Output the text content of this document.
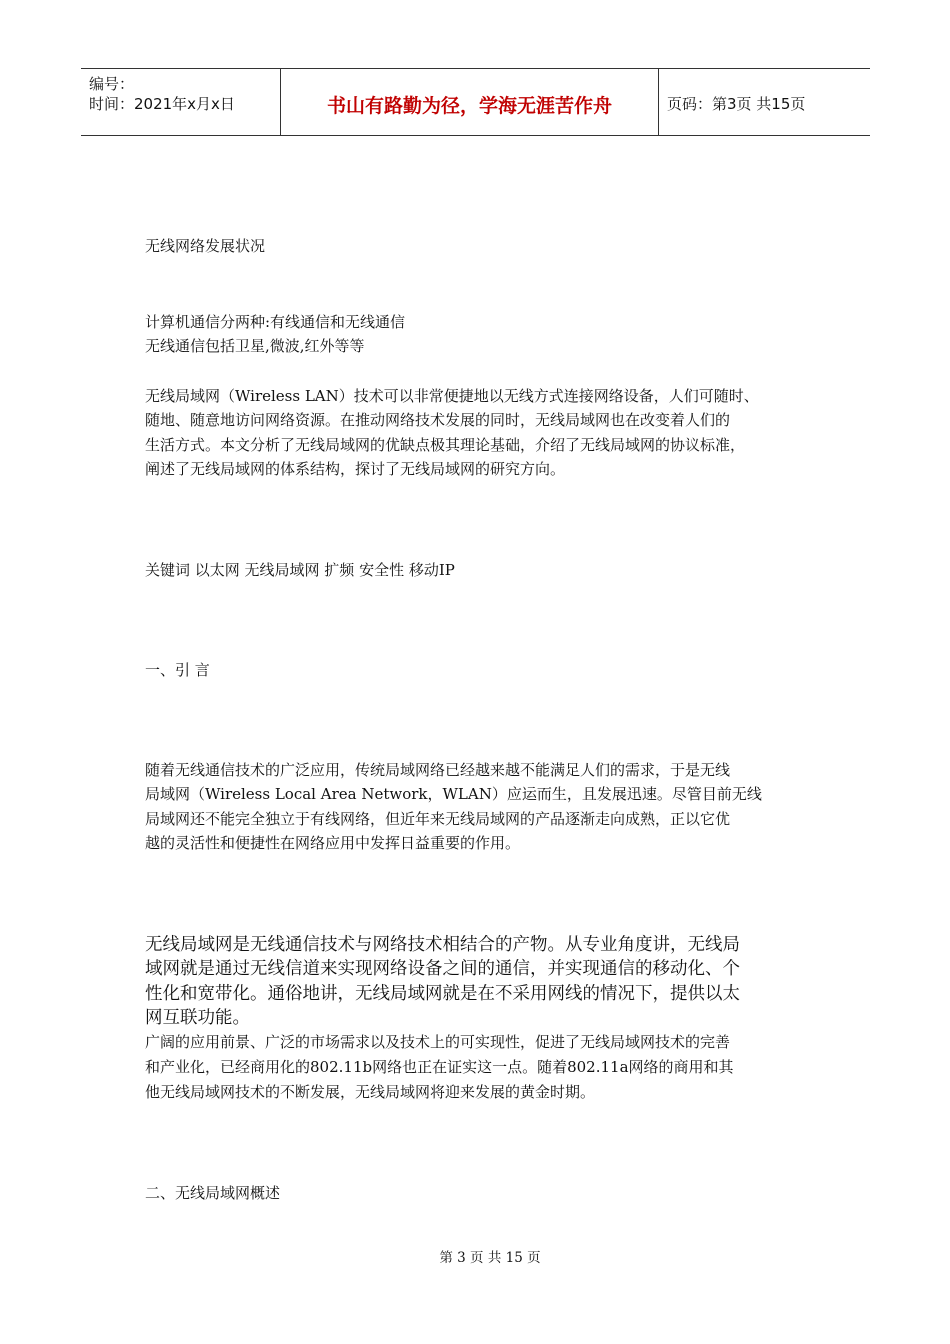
编号：
时间：2021年x月x日	书山有路勤为径，学海无涯苦作舟	页码：第3页 共15页
无线网络发展状况
计算机通信分两种:有线通信和无线通信
无线通信包括卫星,微波,红外等等
无线局域网（Wireless LAN）技术可以非常便捷地以无线方式连接网络设备，人们可随时、
随地、随意地访问网络资源。在推动网络技术发展的同时，无线局域网也在改变着人们的
生活方式。本文分析了无线局域网的优缺点极其理论基础，介绍了无线局域网的协议标准，
阐述了无线局域网的体系结构，探讨了无线局域网的研究方向。
关键词 以太网 无线局域网 扩频 安全性 移动IP
一、引 言
随着无线通信技术的广泛应用，传统局域网络已经越来越不能满足人们的需求，于是无线
局域网（Wireless Local Area Network，WLAN）应运而生，且发展迅速。尽管目前无线
局域网还不能完全独立于有线网络，但近年来无线局域网的产品逐渐走向成熟，正以它优
越的灵活性和便捷性在网络应用中发挥日益重要的作用。
无线局域网是无线通信技术与网络技术相结合的产物。从专业角度讲，无线局
域网就是通过无线信道来实现网络设备之间的通信，并实现通信的移动化、个
性化和宽带化。通俗地讲，无线局域网就是在不采用网线的情况下，提供以太
网互联功能。
广阔的应用前景、广泛的市场需求以及技术上的可实现性，促进了无线局域网技术的完善
和产业化，已经商用化的802.11b网络也正在证实这一点。随着802.11a网络的商用和其
他无线局域网技术的不断发展，无线局域网将迎来发展的黄金时期。
二、无线局域网概述
第 3 页 共 15 页
